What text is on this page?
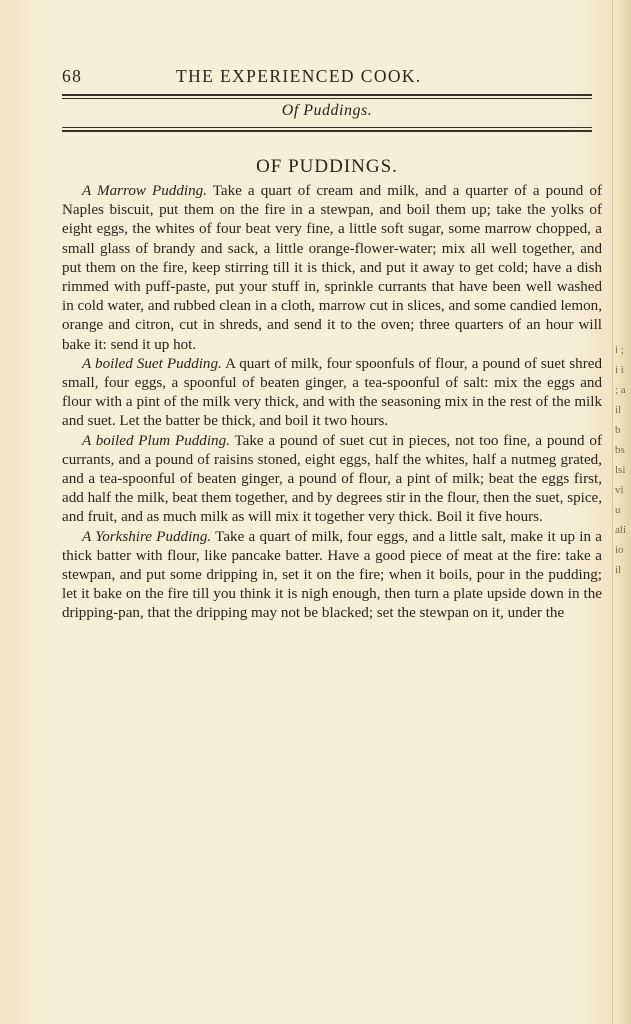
68	THE EXPERIENCED COOK.
Of Puddings.
OF PUDDINGS.

A Marrow Pudding. Take a quart of cream and milk, and a quarter of a pound of Naples biscuit, put them on the fire in a stewpan, and boil them up; take the yolks of eight eggs, the whites of four beat very fine, a little soft sugar, some marrow chopped, a small glass of brandy and sack, a little orange-flower-water; mix all well together, and put them on the fire, keep stirring till it is thick, and put it away to get cold; have a dish rimmed with puff-paste, put your stuff in, sprinkle currants that have been well washed in cold water, and rubbed clean in a cloth, marrow cut in slices, and some candied lemon, orange and citron, cut in shreds, and send it to the oven; three quarters of an hour will bake it: send it up hot.

A boiled Suet Pudding. A quart of milk, four spoonfuls of flour, a pound of suet shred small, four eggs, a spoonful of beaten ginger, a tea-spoonful of salt: mix the eggs and flour with a pint of the milk very thick, and with the seasoning mix in the rest of the milk and suet. Let the batter be thick, and boil it two hours.

A boiled Plum Pudding. Take a pound of suet cut in pieces, not too fine, a pound of currants, and a pound of raisins stoned, eight eggs, half the whites, half a nutmeg grated, and a tea-spoonful of beaten ginger, a pound of flour, a pint of milk; beat the eggs first, add half the milk, beat them together, and by degrees stir in the flour, then the suet, spice, and fruit, and as much milk as will mix it together very thick. Boil it five hours.

A Yorkshire Pudding. Take a quart of milk, four eggs, and a little salt, make it up in a thick batter with flour, like pancake batter. Have a good piece of meat at the fire: take a stewpan, and put some dripping in, set it on the fire; when it boils, pour in the pudding; let it bake on the fire till you think it is nigh enough, then turn a plate upside down in the dripping-pan, that the dripping may not be blacked; set the stewpan on it, under the

i ; i i ; a il b bs lsi vi u ali io il
